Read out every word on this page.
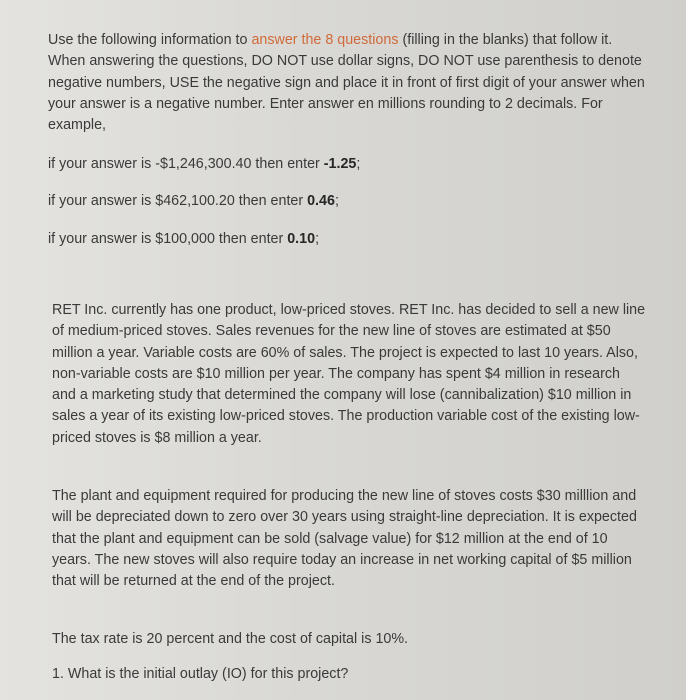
Use the following information to answer the 8 questions (filling in the blanks) that follow it. When answering the questions, DO NOT use dollar signs, DO NOT use parenthesis to denote negative numbers, USE the negative sign and place it in front of first digit of your answer when your answer is a negative number. Enter answer en millions rounding to 2 decimals. For example,

if your answer is -$1,246,300.40 then enter -1.25;

if your answer is $462,100.20 then enter 0.46;

if your answer is $100,000 then enter 0.10;

RET Inc. currently has one product, low-priced stoves. RET Inc. has decided to sell a new line of medium-priced stoves. Sales revenues for the new line of stoves are estimated at $50 million a year. Variable costs are 60% of sales. The project is expected to last 10 years. Also, non-variable costs are $10 million per year. The company has spent $4 million in research and a marketing study that determined the company will lose (cannibalization) $10 million in sales a year of its existing low-priced stoves. The production variable cost of the existing low-priced stoves is $8 million a year.

The plant and equipment required for producing the new line of stoves costs $30 milllion and will be depreciated down to zero over 30 years using straight-line depreciation. It is expected that the plant and equipment can be sold (salvage value) for $12 million at the end of 10 years. The new stoves will also require today an increase in net working capital of $5 million that will be returned at the end of the project.

The tax rate is 20 percent and the cost of capital is 10%.

1. What is the initial outlay (IO) for this project?
